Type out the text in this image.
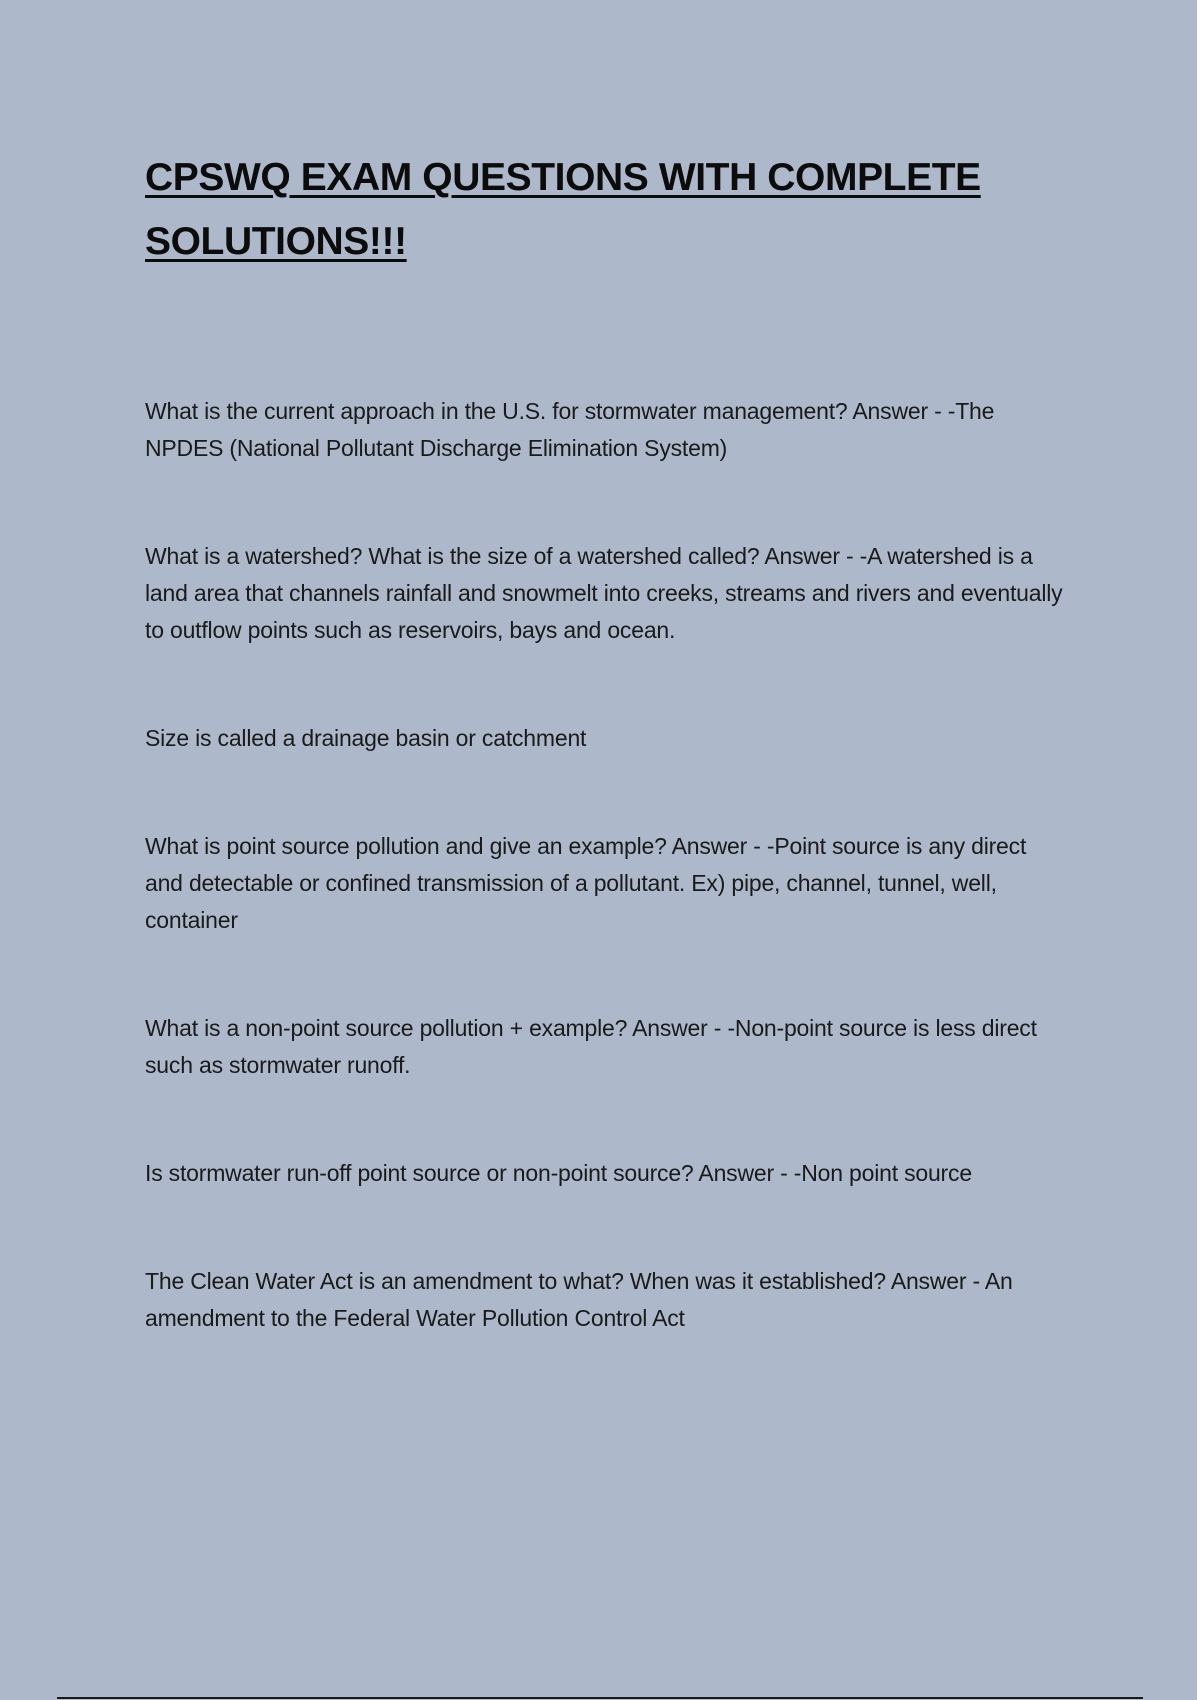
CPSWQ EXAM QUESTIONS WITH COMPLETE SOLUTIONS!!!

What is the current approach in the U.S. for stormwater management? Answer - -The NPDES (National Pollutant Discharge Elimination System)

What is a watershed? What is the size of a watershed called? Answer - -A watershed is a land area that channels rainfall and snowmelt into creeks, streams and rivers and eventually to outflow points such as reservoirs, bays and ocean.

Size is called a drainage basin or catchment

What is point source pollution and give an example? Answer - -Point source is any direct and detectable or confined transmission of a pollutant. Ex) pipe, channel, tunnel, well, container

What is a non-point source pollution + example? Answer - -Non-point source is less direct such as stormwater runoff.

Is stormwater run-off point source or non-point source? Answer - -Non point source

The Clean Water Act is an amendment to what? When was it established? Answer - An amendment to the Federal Water Pollution Control Act
